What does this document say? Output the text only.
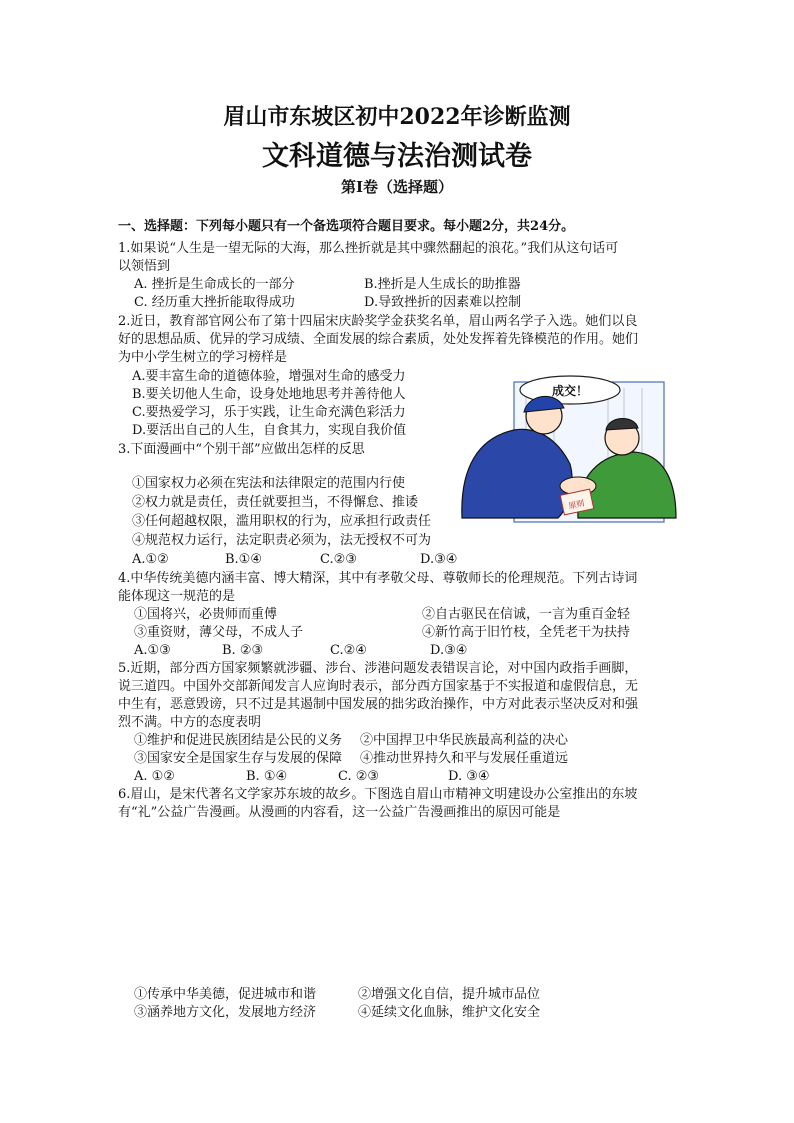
眉山市东坡区初中2022年诊断监测
文科道德与法治测试卷
第Ⅰ卷（选择题）
一、选择题：下列每小题只有一个备选项符合题目要求。每小题2分，共24分。
1.如果说“人生是一望无际的大海，那么挫折就是其中骤然翻起的浪花。”我们从这句话可
以领悟到
A. 挫折是生命成长的一部分	B.挫折是人生成长的助推器
C. 经历重大挫折能取得成功	D.导致挫折的因素难以控制
2.近日，教育部官网公布了第十四届宋庆龄奖学金获奖名单，眉山两名学子入选。她们以良
好的思想品质、优异的学习成绩、全面发展的综合素质，处处发挥着先锋模范的作用。她们
为中小学生树立的学习榜样是
A.要丰富生命的道德体验，增强对生命的感受力
B.要关切他人生命，设身处地地思考并善待他人
C.要热爱学习，乐于实践，让生命充满色彩活力
D.要活出自己的人生，自食其力，实现自我价值
3.下面漫画中“个别干部”应做出怎样的反思
①国家权力必须在宪法和法律限定的范围内行使
②权力就是责任，责任就要担当，不得懈怠、推诿
③任何超越权限，滥用职权的行为，应承担行政责任
④规范权力运行，法定职责必须为，法无授权不可为
A.①②	B.①④	C.②③	D.③④
成交！
原则
4.中华传统美德内涵丰富、博大精深，其中有孝敬父母、尊敬师长的伦理规范。下列古诗词
能体现这一规范的是
①国将兴，必贵师而重傅	②自古驱民在信诚，一言为重百金轻
③重资财，薄父母，不成人子	④新竹高于旧竹枝，全凭老干为扶持
A.①③	B. ②③	C.②④	D.③④
5.近期，部分西方国家频繁就涉疆、涉台、涉港问题发表错误言论，对中国内政指手画脚，
说三道四。中国外交部新闻发言人应询时表示，部分西方国家基于不实报道和虚假信息，无
中生有，恶意毁谤，只不过是其遏制中国发展的拙劣政治操作，中方对此表示坚决反对和强
烈不满。中方的态度表明
①维护和促进民族团结是公民的义务 ②中国捍卫中华民族最高利益的决心
③国家安全是国家生存与发展的保障 ④推动世界持久和平与发展任重道远
A. ①②	B. ①④	C. ②③	D. ③④
6.眉山，是宋代著名文学家苏东坡的故乡。下图选自眉山市精神文明建设办公室推出的东坡
有“礼”公益广告漫画。从漫画的内容看，这一公益广告漫画推出的原因可能是
①传承中华美德，促进城市和谐	②增强文化自信，提升城市品位
③涵养地方文化，发展地方经济	④延续文化血脉，维护文化安全
